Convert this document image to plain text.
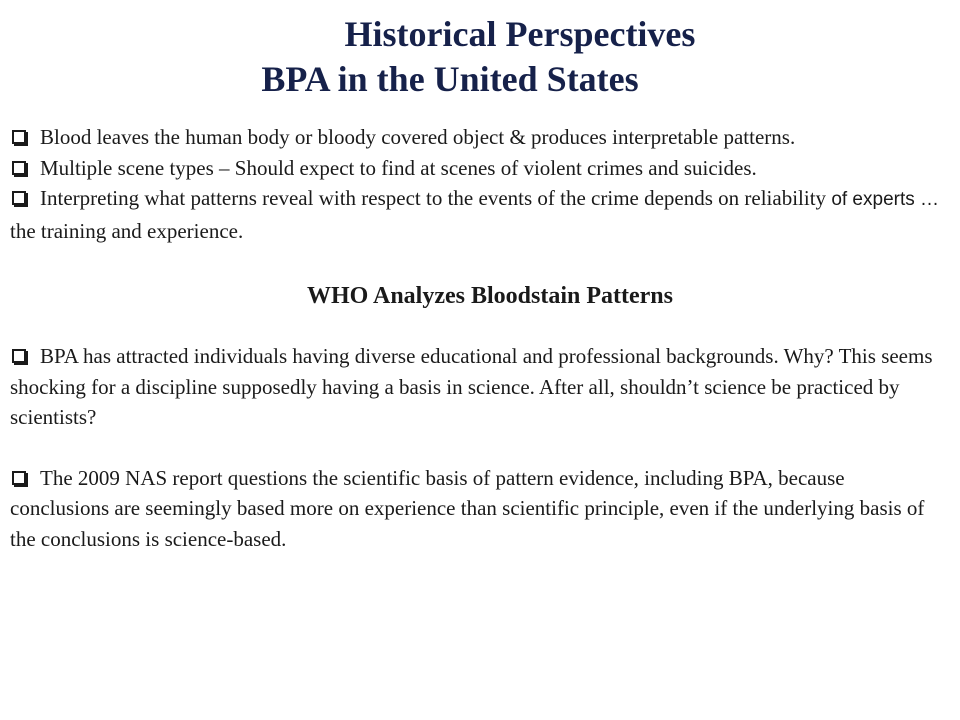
Historical Perspectives
BPA in the United States

Blood leaves the human body or bloody covered object & produces interpretable patterns.

Multiple scene types – Should expect to find at scenes of violent crimes and suicides.

Interpreting what patterns reveal with respect to the events of the crime depends on reliability of experts … the training and experience.

WHO Analyzes Bloodstain Patterns

BPA has attracted individuals having diverse educational and professional backgrounds. Why? This seems shocking for a discipline supposedly having a basis in science. After all, shouldn’t science be practiced by scientists?

The 2009 NAS report questions the scientific basis of pattern evidence, including BPA, because conclusions are seemingly based more on experience than scientific principle, even if the underlying basis of the conclusions is science-based.
